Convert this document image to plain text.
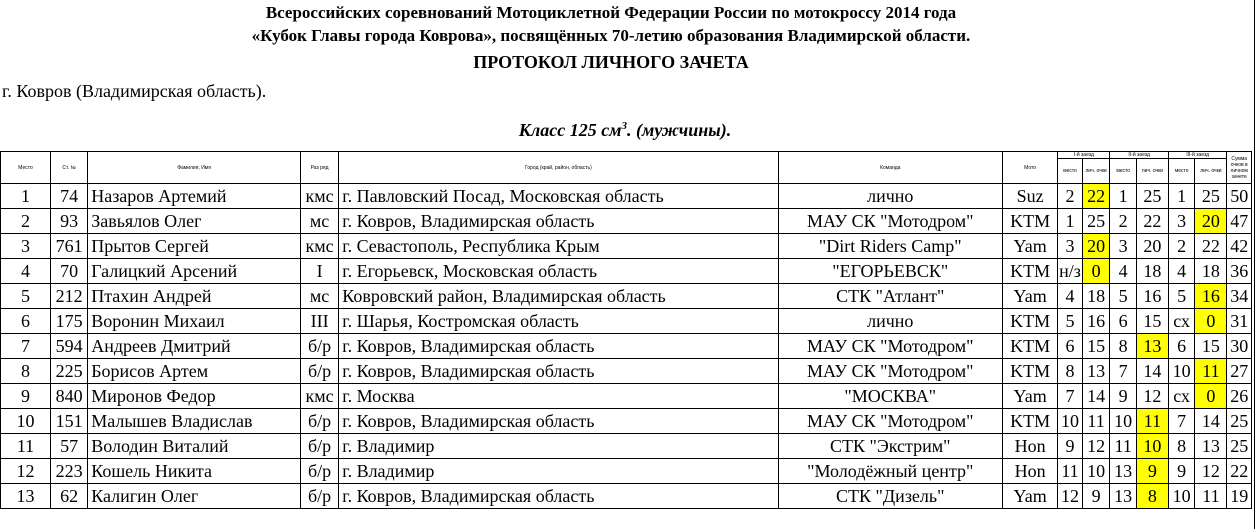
Всероссийских соревнований Мотоциклетной Федерации России по мотокроссу 2014 года
«Кубок Главы города Коврова», посвящённых 70-летию образования Владимирской области.
ПРОТОКОЛ ЛИЧНОГО ЗАЧЕТА
г. Ковров (Владимирская область).
Класс 125 $см^3$. (мужчины).
Место	Ст. №	Фамилия, Имя	Раз ряд	Город (край, район, область)	Команда	Мото	I-й заезд		II-й заезд		III-й заезд		Сумма очков в личном зачете
							место	лич. очки	место	лич. очки	место	лич. очки	
1	74	Назаров Артемий	кмс	г. Павловский Посад, Московская область	лично	Suz	2	22	1	25	1	25	50
2	93	Завьялов Олег	мс	г. Ковров, Владимирская область	МАУ СК "Мотодром"	KTM	1	25	2	22	3	20	47
3	761	Прытов Сергей	кмс	г. Севастополь, Республика Крым	"Dirt Riders Camp"	Yam	3	20	3	20	2	22	42
4	70	Галицкий Арсений	I	г. Егорьевск, Московская область	"ЕГОРЬЕВСК"	KTM	н/з	0	4	18	4	18	36
5	212	Птахин Андрей	мс	Ковровский район, Владимирская область	СТК "Атлант"	Yam	4	18	5	16	5	16	34
6	175	Воронин Михаил	III	г. Шарья, Костромская область	лично	KTM	5	16	6	15	сх	0	31
7	594	Андреев Дмитрий	б/р	г. Ковров, Владимирская область	МАУ СК "Мотодром"	KTM	6	15	8	13	6	15	30
8	225	Борисов Артем	б/р	г. Ковров, Владимирская область	МАУ СК "Мотодром"	KTM	8	13	7	14	10	11	27
9	840	Миронов Федор	кмс	г. Москва	"МОСКВА"	Yam	7	14	9	12	сх	0	26
10	151	Малышев Владислав	б/р	г. Ковров, Владимирская область	МАУ СК "Мотодром"	KTM	10	11	10	11	7	14	25
11	57	Володин Виталий	б/р	г. Владимир	СТК "Экстрим"	Hon	9	12	11	10	8	13	25
12	223	Кошель Никита	б/р	г. Владимир	"Молодёжный центр"	Hon	11	10	13	9	9	12	22
13	62	Калигин Олег	б/р	г. Ковров, Владимирская область	СТК "Дизель"	Yam	12	9	13	8	10	11	19
